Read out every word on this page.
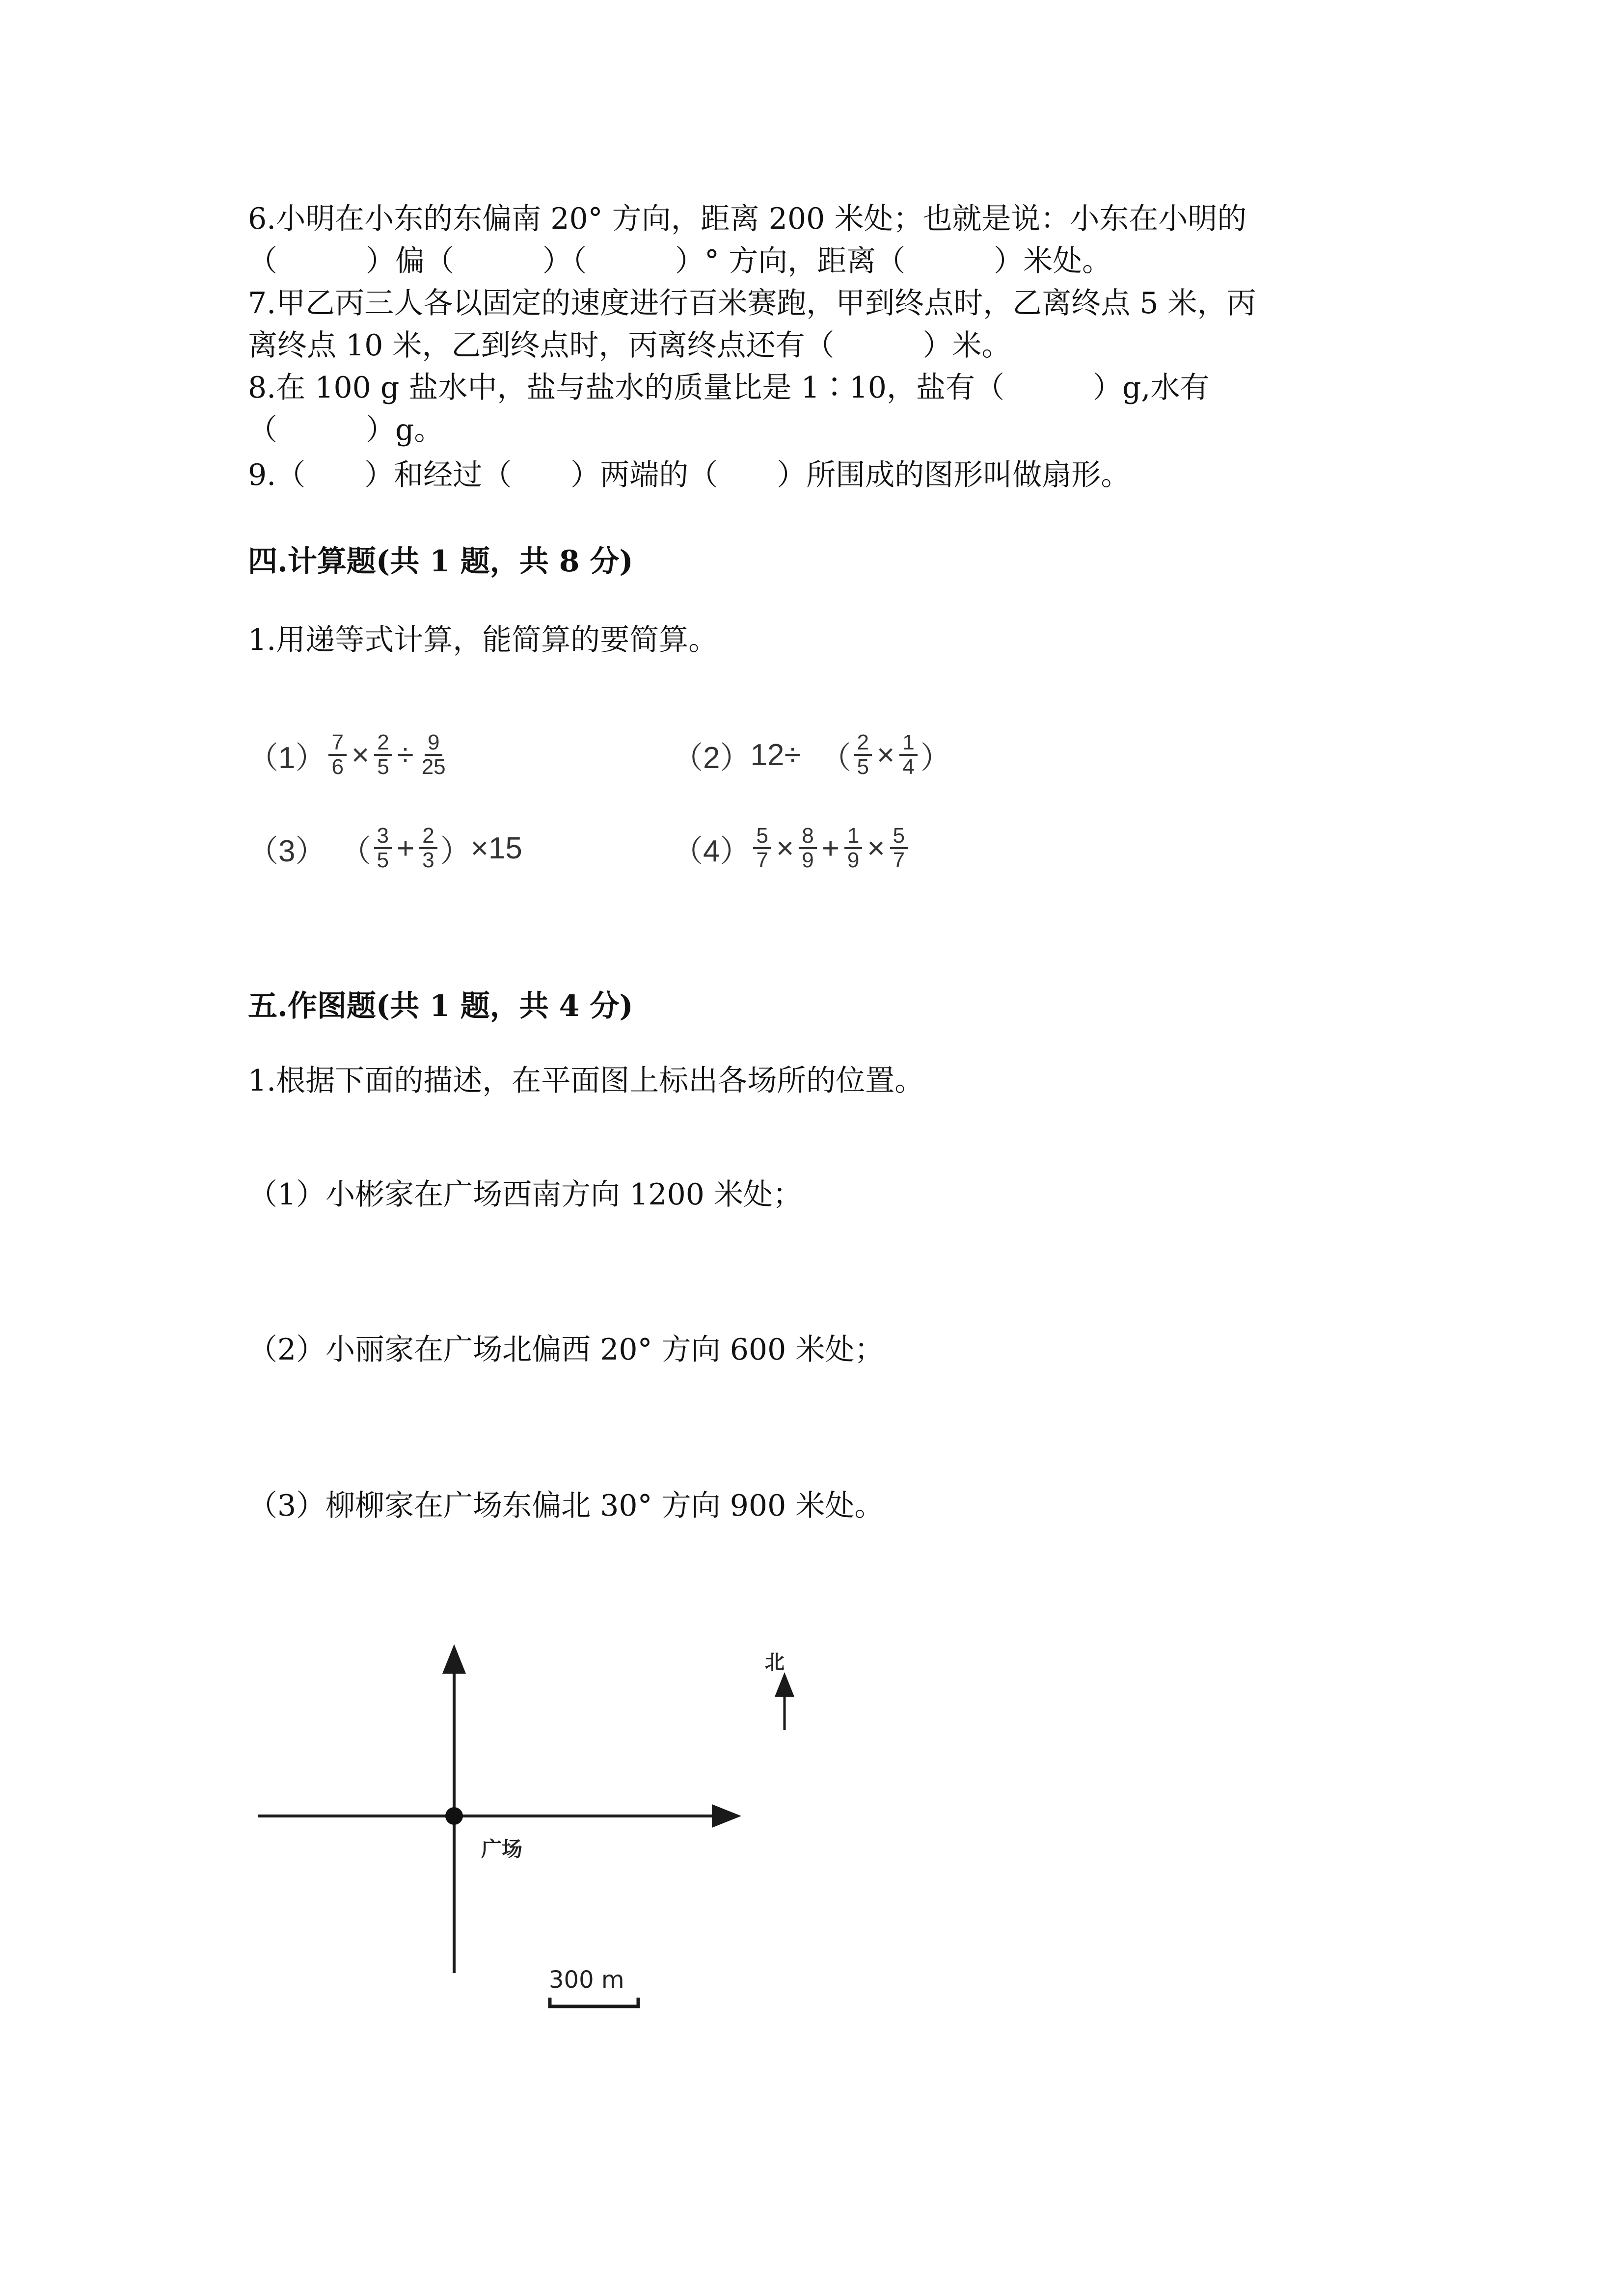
6.小明在小东的东偏南 20° 方向，距离 200 米处；也就是说：小东在小明的
（　　　）偏（　　　）（　　　）° 方向，距离（　　　）米处。
7.甲乙丙三人各以固定的速度进行百米赛跑，甲到终点时，乙离终点 5 米，丙
离终点 10 米，乙到终点时，丙离终点还有（　　　）米。
8.在 100 g 盐水中，盐与盐水的质量比是 1∶10，盐有（　　　）g,水有
（　　　）g。
9.（　　）和经过（　　）两端的（　　）所围成的图形叫做扇形。
四.计算题(共 1 题，共 8 分)
1.用递等式计算，能简算的要简算。
$(1) \frac{7}{6} \times \frac{2}{5} \div \frac{9}{25}$	（2） 12÷ （ $\frac{2}{5} \times \frac{1}{4}$ ）
（3） （ $\frac{3}{5} + \frac{2}{3}$ ） ×15	$(4) \frac{5}{7} \times \frac{8}{9} + \frac{1}{9} \times \frac{5}{7}$
五.作图题(共 1 题，共 4 分)
1.根据下面的描述，在平面图上标出各场所的位置。
（1）小彬家在广场西南方向 1200 米处；
（2）小丽家在广场北偏西 20° 方向 600 米处；
（3）柳柳家在广场东偏北 30° 方向 900 米处。
广场
北
300 m
